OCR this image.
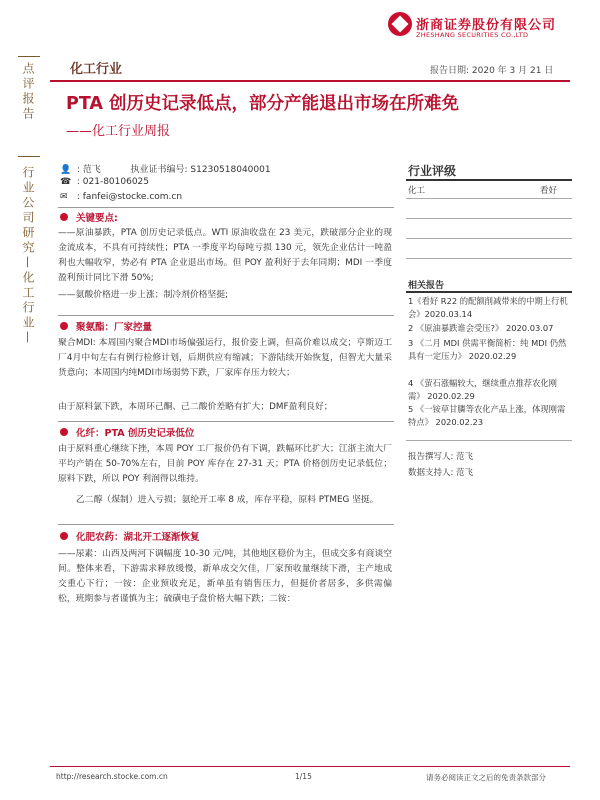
浙商证券股份有限公司
ZHESHANG SECURITIES CO.,LTD
点评报告
行业公司研究—化工行业—
化工行业	报告日期: 2020 年 3 月 21 日
PTA 创历史记录低点，部分产能退出市场在所难免
——化工行业周报
👤 : 范飞	执业证书编号: S1230518040001
☎ : 021-80106025
✉ : fanfei@stocke.com.cn
关键要点:

——原油暴跌，PTA 创历史记录低点。WTI 原油收盘在 23 美元，跌破部分企业的现金流成本，不具有可持续性；PTA 一季度平均每吨亏损 130 元，领先企业估计一吨盈利也大幅收窄，势必有 PTA 企业退出市场。但 POY 盈利好于去年同期；MDI 一季度盈利预计同比下滑 50%;

——氨酸价格进一步上涨；制冷剂价格坚挺;

聚氨酯：厂家控量

聚合MDI: 本周国内聚合MDI市场偏强运行，报价姿上调，但高价难以成交；亨斯迈工厂4月中旬左右有例行检修计划，后期供应有缩减；下游陆续开始恢复，但智尤大量采货意向；本周国内纯MDI市场弱势下跌，厂家库存压力较大；

由于原料氯下跌，本周环己酮、己二酸价差略有扩大；DMF盈利良好；

化纤：PTA 创历史记录低位

由于原料重心继续下挫，本周 POY 工厂报价仍有下调，跌幅环比扩大；江浙主流大厂平均产销在 50-70%左右，目前 POY 库存在 27-31 天；PTA 价格创历史记录低位；原料下跌，所以 POY 利润得以维持。

乙二醇（煤制）进入亏损；氨纶开工率 8 成，库存平稳，原料 PTMEG 坚挺。

化肥农药：湖北开工逐渐恢复

——尿素：山西及两河下调幅度 10-30 元/吨，其他地区稳价为主，但成交多有商谈空间。整体来看，下游需求释放缓慢，新单成交欠佳，厂家预收量继续下滑，主产地成交重心下行；一铵：企业预收充足，新单虽有销售压力，但挺价者居多，多供需偏松，班期参与者谨慎为主；硫磺电子盘价格大幅下跌；二铵：

行业评级
化工	看好
相关报告

1《看好 R22 的配额削减带来的中期上行机会》2020.03.14

2 《原油暴跌谁会受压?》 2020.03.07

3 《二月 MDI 供需平衡简析：纯 MDI 仍然具有一定压力》 2020.02.29

4 《萤石涨幅较大，继续重点推荐农化刚需》 2020.02.29

5 《一铵草甘膦等农化产品上涨，体现刚需特点》 2020.02.23

报告撰写人: 范飞
数据支持人: 范飞
http://research.stocke.com.cn	1/15	请务必阅读正文之后的免责条款部分
